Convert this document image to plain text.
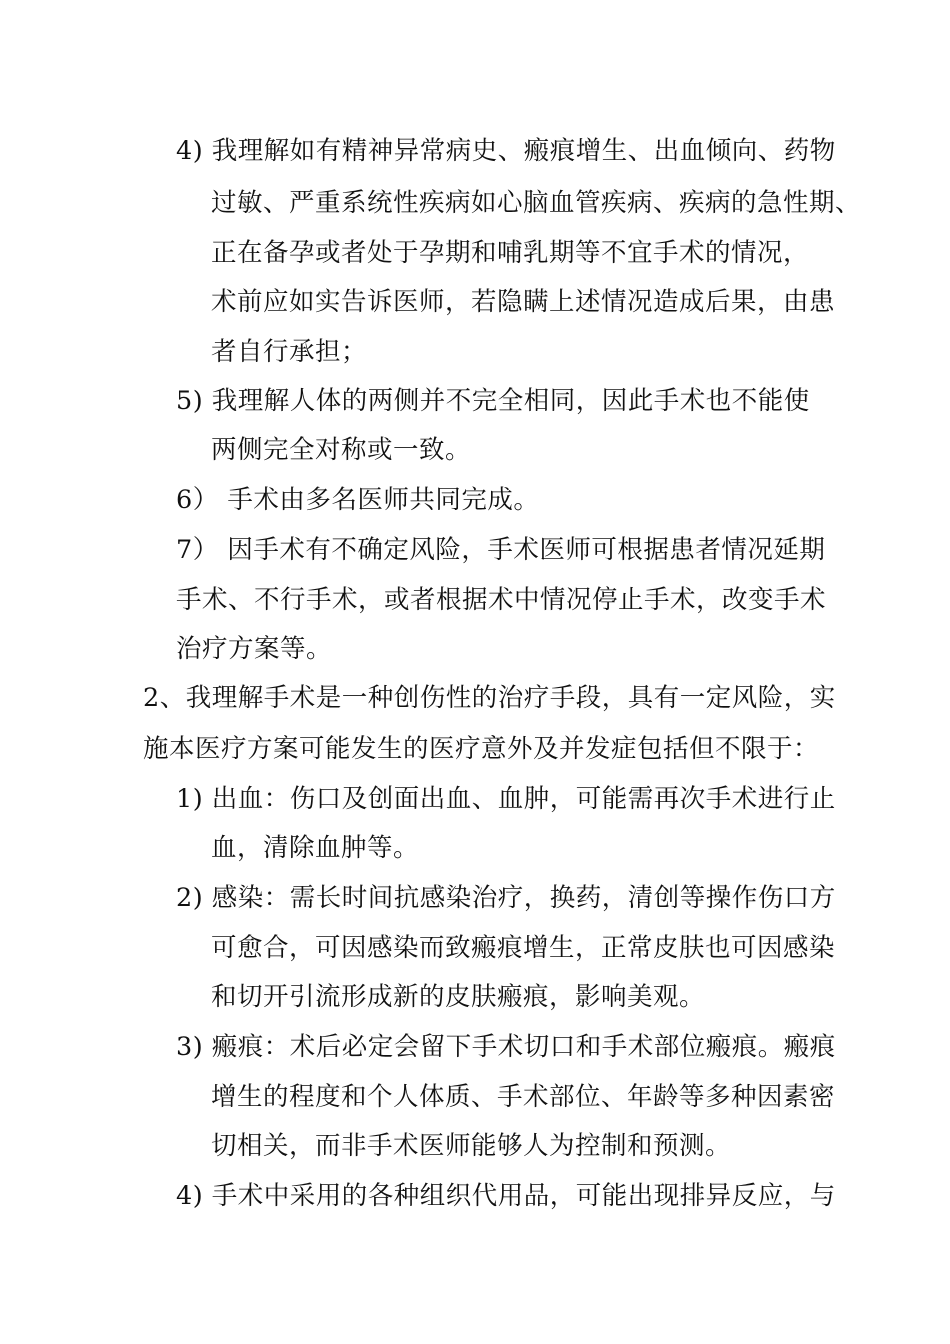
4) 我理解如有精神异常病史、瘢痕增生、出血倾向、药物
过敏、严重系统性疾病如心脑血管疾病、疾病的急性期、
正在备孕或者处于孕期和哺乳期等不宜手术的情况，
术前应如实告诉医师，若隐瞒上述情况造成后果，由患
者自行承担；
5) 我理解人体的两侧并不完全相同，因此手术也不能使
两侧完全对称或一致。
6） 手术由多名医师共同完成。
7） 因手术有不确定风险，手术医师可根据患者情况延期
手术、不行手术，或者根据术中情况停止手术，改变手术
治疗方案等。
2、我理解手术是一种创伤性的治疗手段，具有一定风险，实
施本医疗方案可能发生的医疗意外及并发症包括但不限于：
1) 出血：伤口及创面出血、血肿，可能需再次手术进行止
血，清除血肿等。
2) 感染：需长时间抗感染治疗，换药，清创等操作伤口方
可愈合，可因感染而致瘢痕增生，正常皮肤也可因感染
和切开引流形成新的皮肤瘢痕，影响美观。
3) 瘢痕：术后必定会留下手术切口和手术部位瘢痕。瘢痕
增生的程度和个人体质、手术部位、年龄等多种因素密
切相关，而非手术医师能够人为控制和预测。
4) 手术中采用的各种组织代用品，可能出现排异反应，与
